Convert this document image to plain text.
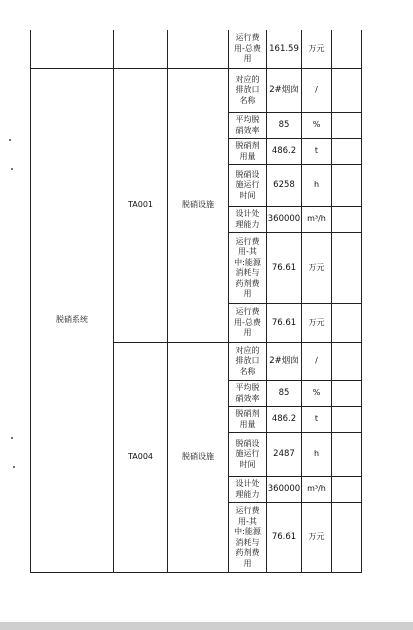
运行费
用-总费
用
161.59	万元
脱硝系统
TA001	脱硝设施
对应的
排放口
名称
2#烟囱	/
平均脱
硝效率	85	%
脱硝剂
用量	486.2	t
脱硝设
施运行
时间
6258	h
设计处
理能力 360000 m³/h
运行费
用-其
中:能源
消耗与
药剂费
用
76.61	万元
运行费
用-总费
用
76.61	万元
TA004	脱硝设施
对应的
排放口
名称
2#烟囱	/
平均脱
硝效率	85	%
脱硝剂
用量	486.2	t
脱硝设
施运行
时间
2487	h
设计处
理能力 360000 m³/h
运行费
用-其
中:能源
消耗与
药剂费
用
76.61	万元
